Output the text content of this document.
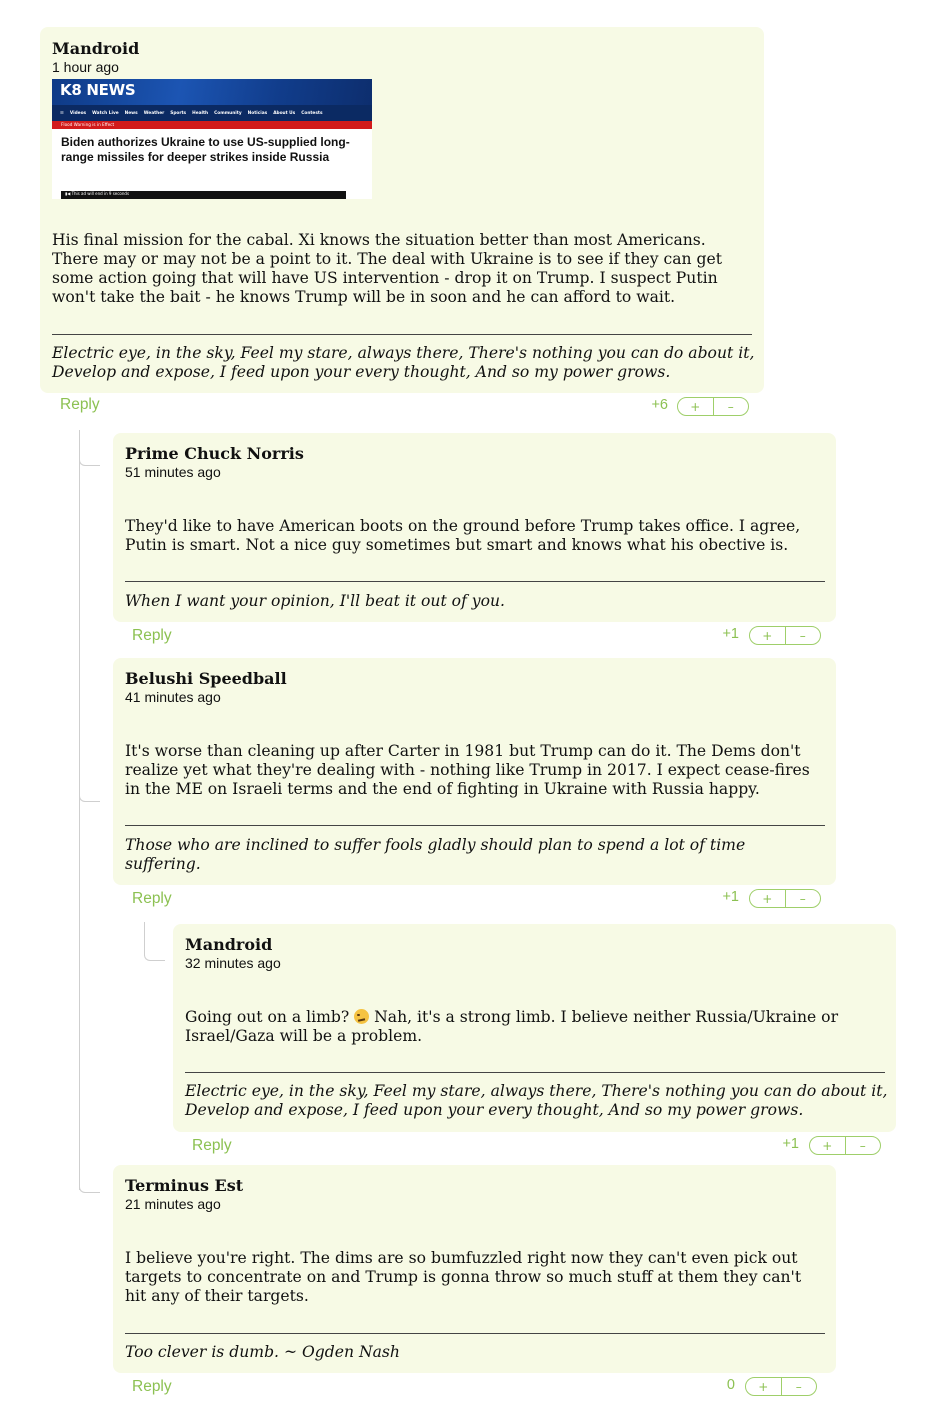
Mandroid
1 hour ago
K8 NEWS
☰ Videos Watch Live News Weather Sports Health Community Noticias About Us Contests
Flood Warning is in Effect
Biden authorizes Ukraine to use US-supplied long-range missiles for deeper strikes inside Russia
▮◀ This ad will end in 9 seconds
His final mission for the cabal. Xi knows the situation better than most Americans. There may or may not be a point to it. The deal with Ukraine is to see if they can get some action going that will have US intervention - drop it on Trump. I suspect Putin won't take the bait - he knows Trump will be in soon and he can afford to wait.
Electric eye, in the sky, Feel my stare, always there, There's nothing you can do about it, Develop and expose, I feed upon your every thought, And so my power grows.
Reply	+6	+	–
Prime Chuck Norris
51 minutes ago
They'd like to have American boots on the ground before Trump takes office. I agree, Putin is smart. Not a nice guy sometimes but smart and knows what his obective is.
When I want your opinion, I'll beat it out of you.
Reply	+1	+	–
Belushi Speedball
41 minutes ago
It's worse than cleaning up after Carter in 1981 but Trump can do it. The Dems don't realize yet what they're dealing with - nothing like Trump in 2017. I expect cease-fires in the ME on Israeli terms and the end of fighting in Ukraine with Russia happy.
Those who are inclined to suffer fools gladly should plan to spend a lot of time suffering.
Reply	+1	+	–
Mandroid
32 minutes ago
Going out on a limb? Nah, it's a strong limb. I believe neither Russia/Ukraine or Israel/Gaza will be a problem.
Electric eye, in the sky, Feel my stare, always there, There's nothing you can do about it, Develop and expose, I feed upon your every thought, And so my power grows.
Reply	+1	+	–
Terminus Est
21 minutes ago
I believe you're right. The dims are so bumfuzzled right now they can't even pick out targets to concentrate on and Trump is gonna throw so much stuff at them they can't hit any of their targets.
Too clever is dumb. ~ Ogden Nash
Reply	0	+	–
